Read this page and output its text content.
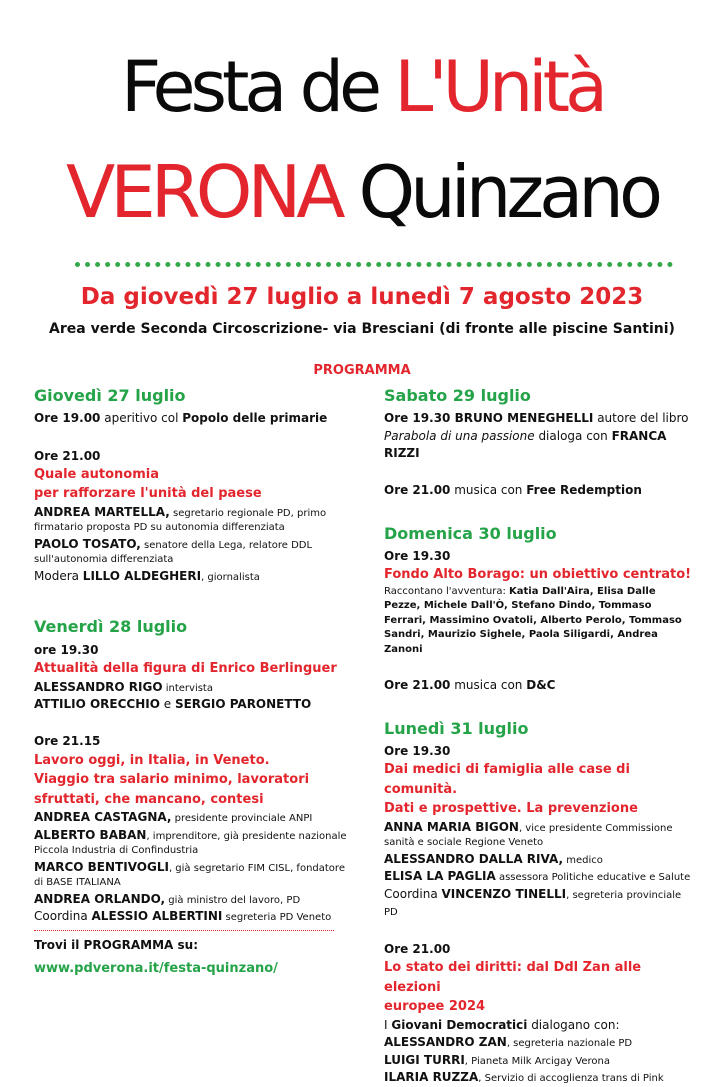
Festa de L'Unità
VERONA Quinzano
Da giovedì 27 luglio a lunedì 7 agosto 2023
Area verde Seconda Circoscrizione- via Bresciani (di fronte alle piscine Santini)
PROGRAMMA
Giovedì 27 luglio

Ore 19.00 aperitivo col Popolo delle primarie

Ore 21.00

Quale autonomia

per rafforzare l'unità del paese

ANDREA MARTELLA, segretario regionale PD, primo firmatario proposta PD su autonomia differenziata

PAOLO TOSATO, senatore della Lega, relatore DDL sull'autonomia differenziata

Modera LILLO ALDEGHERI, giornalista

Venerdì 28 luglio

ore 19.30

Attualità della figura di Enrico Berlinguer

ALESSANDRO RIGO intervista

ATTILIO ORECCHIO e SERGIO PARONETTO

Ore 21.15

Lavoro oggi, in Italia, in Veneto.

Viaggio tra salario minimo, lavoratori sfruttati, che mancano, contesi

ANDREA CASTAGNA, presidente provinciale ANPI

ALBERTO BABAN, imprenditore, già presidente nazionale Piccola Industria di Confindustria

MARCO BENTIVOGLI, già segretario FIM CISL, fondatore di BASE ITALIANA

ANDREA ORLANDO, già ministro del lavoro, PD

Coordina ALESSIO ALBERTINI segreteria PD Veneto

Trovi il PROGRAMMA su:

www.pdverona.it/festa-quinzano/

Sabato 29 luglio

Ore 19.30 BRUNO MENEGHELLI autore del libro

Parabola di una passione dialoga con FRANCA RIZZI

Ore 21.00 musica con Free Redemption

Domenica 30 luglio

Ore 19.30

Fondo Alto Borago: un obiettivo centrato!

Raccontano l'avventura: Katia Dall'Aira, Elisa Dalle Pezze, Michele Dall'Ò, Stefano Dindo, Tommaso Ferrari, Massimino Ovatoli, Alberto Perolo, Tommaso Sandri, Maurizio Sighele, Paola Siligardi, Andrea Zanoni

Ore 21.00 musica con D&C

Lunedì 31 luglio

Ore 19.30

Dai medici di famiglia alle case di comunità.

Dati e prospettive. La prevenzione

ANNA MARIA BIGON, vice presidente Commissione sanità e sociale Regione Veneto

ALESSANDRO DALLA RIVA, medico

ELISA LA PAGLIA assessora Politiche educative e Salute

Coordina VINCENZO TINELLI, segreteria provinciale PD

Ore 21.00

Lo stato dei diritti: dal Ddl Zan alle elezioni

europee 2024

I Giovani Democratici dialogano con:

ALESSANDRO ZAN, segreteria nazionale PD

LUIGI TURRI, Pianeta Milk Arcigay Verona

ILARIA RUZZA, Servizio di accoglienza trans di Pink
